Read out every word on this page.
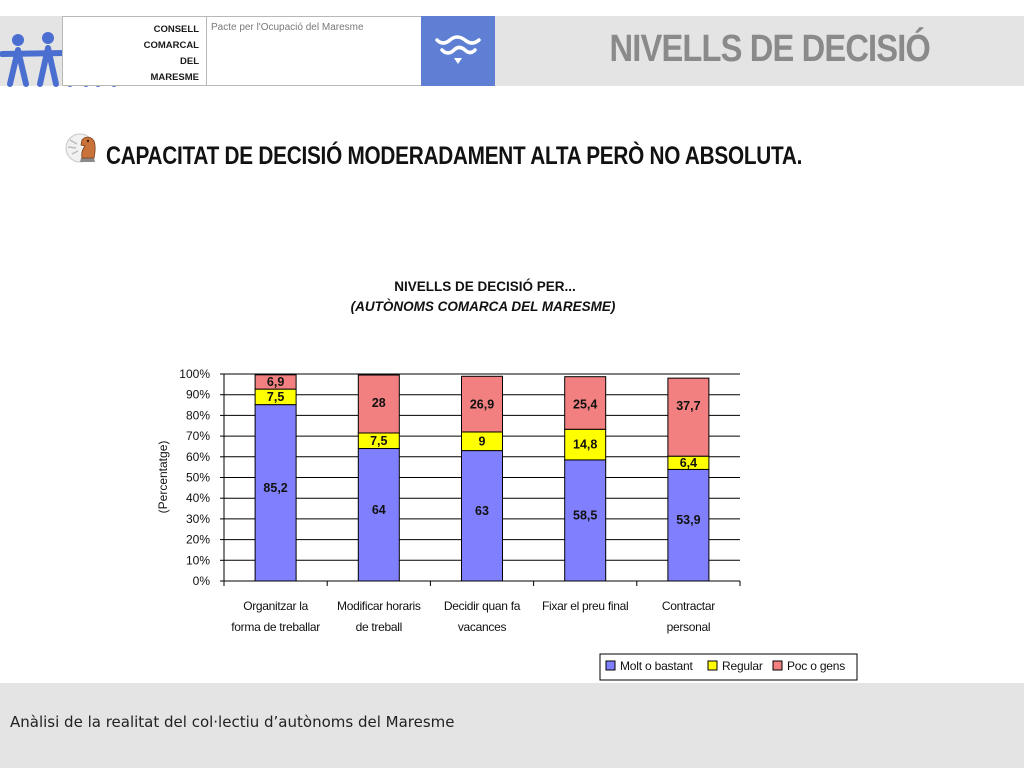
CONSELL
COMARCAL
DEL
MARESME
Pacte per l'Ocupació del Maresme
NIVELLS DE DECISIÓ
CAPACITAT DE DECISIÓ MODERADAMENT ALTA PERÒ NO ABSOLUTA.
NIVELLS DE DECISIÓ PER...
(AUTÒNOMS COMARCA DEL MARESME)
85,2
7,5
6,9
64
7,5
28
63
9
26,9
58,5
14,8
25,4
53,9
6,4
37,7
0%
10%
20%
30%
40%
50%
60%
70%
80%
90%
100%
Organitzar la
forma de treballar
Modificar horaris
de treball
Decidir quan fa
vacances
Fixar el preu final	Contractar
personal
(Percentatge)
Molt o bastant Regular Poc o gens
Anàlisi de la realitat del col·lectiu d’autònoms del Maresme
